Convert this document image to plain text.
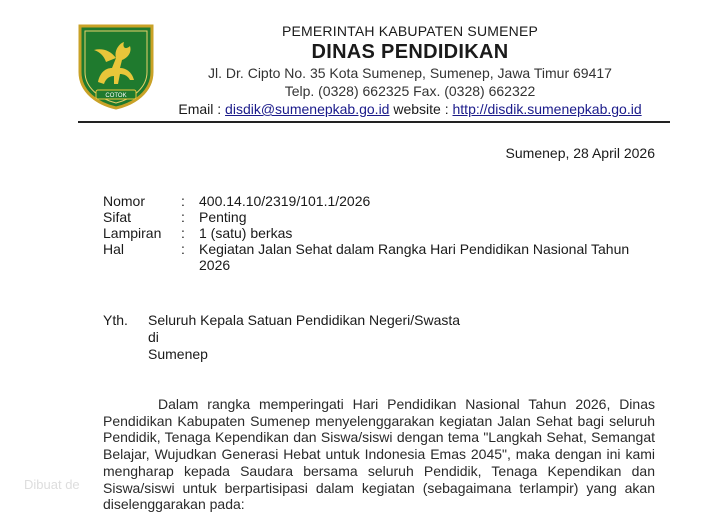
COTOK
PEMERINTAH KABUPATEN SUMENEP
DINAS PENDIDIKAN
Jl. Dr. Cipto No. 35 Kota Sumenep, Sumenep, Jawa Timur 69417
Telp. (0328) 662325 Fax. (0328) 662322
Email : disdik@sumenepkab.go.id website : http://disdik.sumenepkab.go.id
Sumenep, 28 April 2026
Nomor	:	400.14.10/2319/101.1/2026
Sifat	:	Penting
Lampiran	:	1 (satu) berkas
Hal	:	Kegiatan Jalan Sehat dalam Rangka Hari Pendidikan Nasional Tahun 2026
Yth. Seluruh Kepala Satuan Pendidikan Negeri/Swasta
di
Sumenep
Dalam rangka memperingati Hari Pendidikan Nasional Tahun 2026, Dinas Pendidikan Kabupaten Sumenep menyelenggarakan kegiatan Jalan Sehat bagi seluruh Pendidik, Tenaga Kependikan dan Siswa/siswi dengan tema "Langkah Sehat, Semangat Belajar, Wujudkan Generasi Hebat untuk Indonesia Emas 2045", maka dengan ini kami mengharap kepada Saudara bersama seluruh Pendidik, Tenaga Kependikan dan Siswa/siswi untuk berpartisipasi dalam kegiatan (sebagaimana terlampir) yang akan diselenggarakan pada:
Dibuat de
